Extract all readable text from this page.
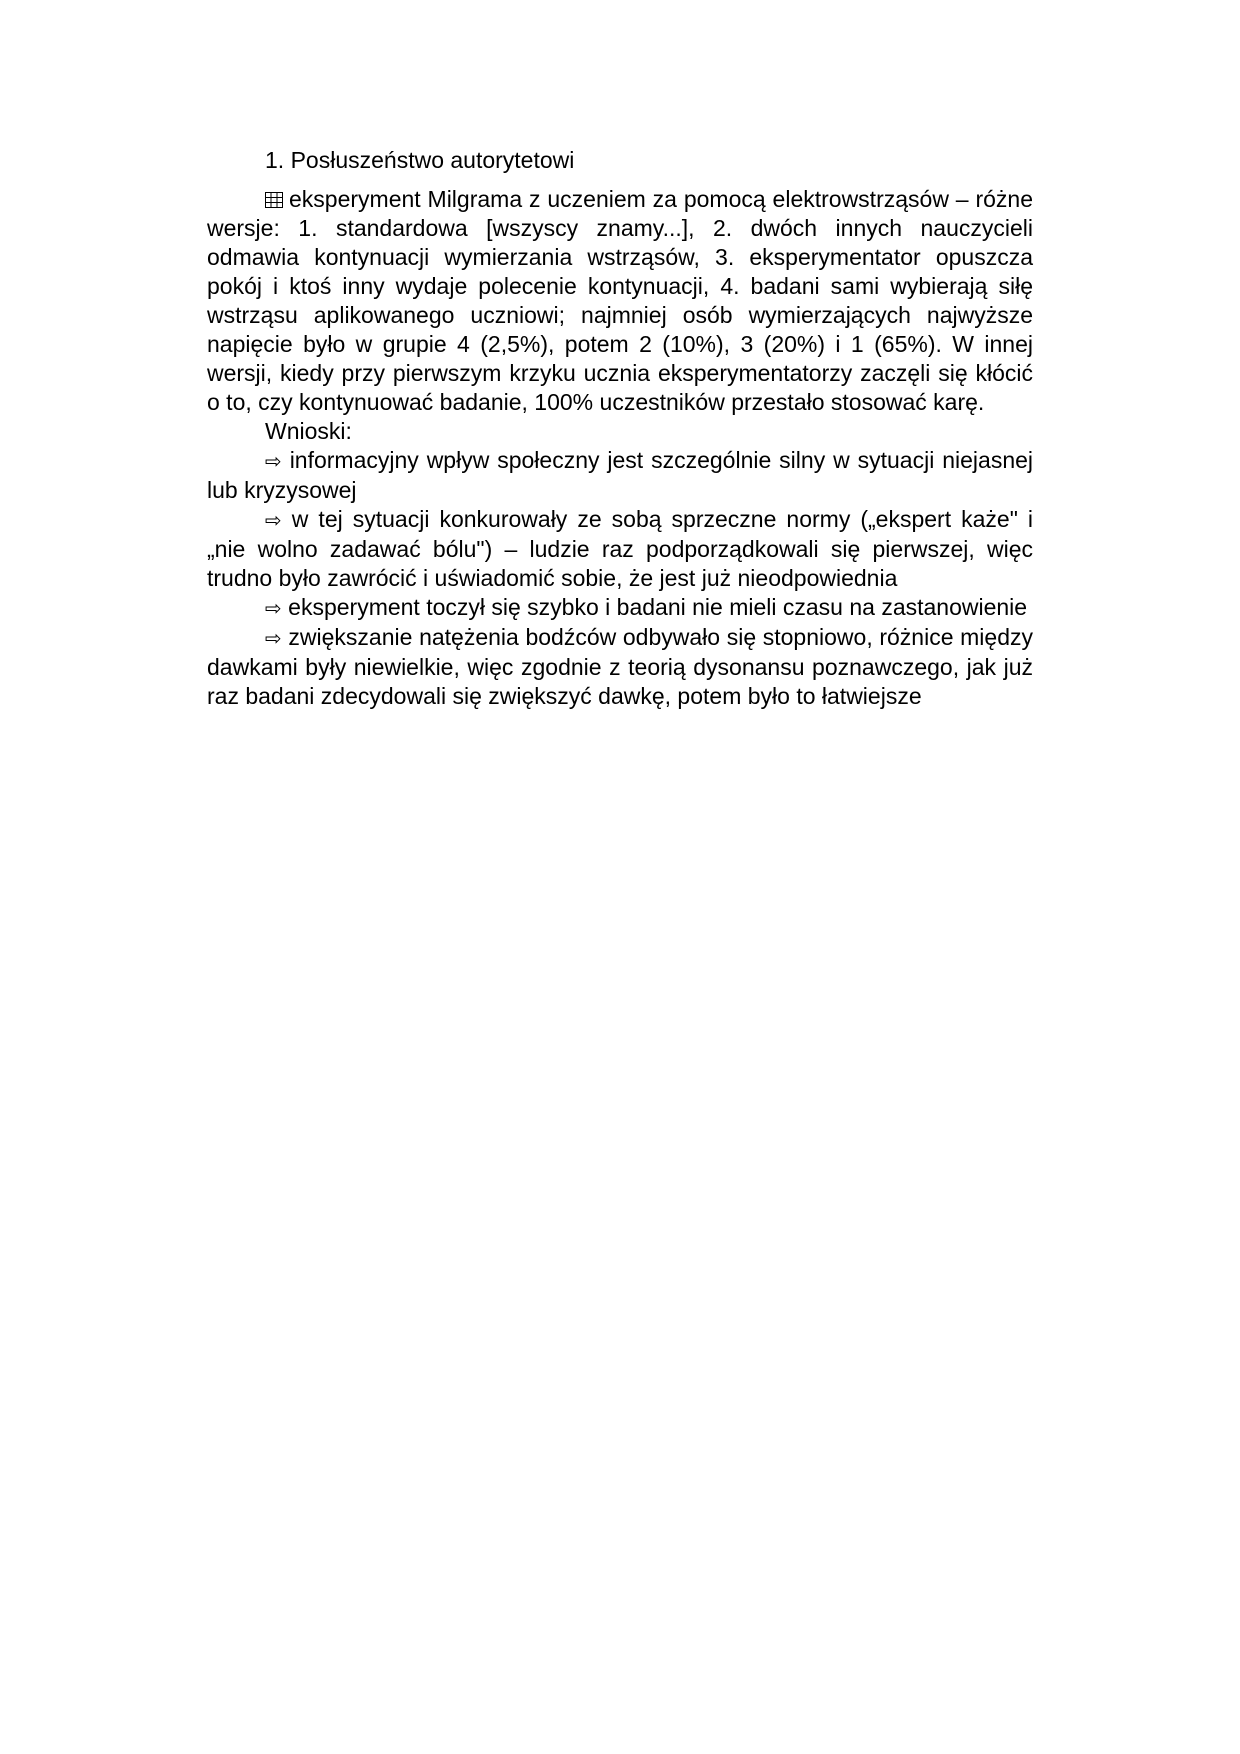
1. Posłuszeństwo autorytetowi

eksperyment Milgrama z uczeniem za pomocą elektrowstrząsów – różne wersje: 1. standardowa [wszyscy znamy...], 2. dwóch innych nauczycieli odmawia kontynuacji wymierzania wstrząsów, 3. eksperymentator opuszcza pokój i ktoś inny wydaje polecenie kontynuacji, 4. badani sami wybierają siłę wstrząsu aplikowanego uczniowi; najmniej osób wymierzających najwyższe napięcie było w grupie 4 (2,5%), potem 2 (10%), 3 (20%) i 1 (65%). W innej wersji, kiedy przy pierwszym krzyku ucznia eksperymentatorzy zaczęli się kłócić o to, czy kontynuować badanie, 100% uczestników przestało stosować karę.

Wnioski:

⇨ informacyjny wpływ społeczny jest szczególnie silny w sytuacji niejasnej lub kryzysowej

⇨ w tej sytuacji konkurowały ze sobą sprzeczne normy („ekspert każe" i „nie wolno zadawać bólu") – ludzie raz podporządkowali się pierwszej, więc trudno było zawrócić i uświadomić sobie, że jest już nieodpowiednia

⇨ eksperyment toczył się szybko i badani nie mieli czasu na zastanowienie

⇨ zwiększanie natężenia bodźców odbywało się stopniowo, różnice między dawkami były niewielkie, więc zgodnie z teorią dysonansu poznawczego, jak już raz badani zdecydowali się zwiększyć dawkę, potem było to łatwiejsze
